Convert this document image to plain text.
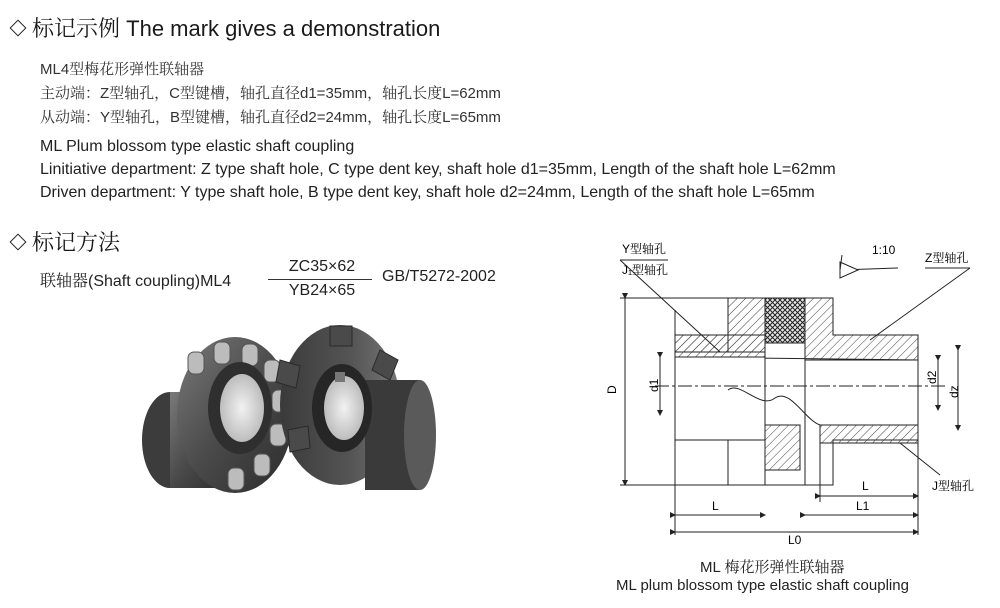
标记示例 The mark gives a demonstration
ML4型梅花形弹性联轴器
主动端：Z型轴孔，C型键槽，轴孔直径d1=35mm，轴孔长度L=62mm
从动端：Y型轴孔，B型键槽，轴孔直径d2=24mm，轴孔长度L=65mm
ML Plum blossom type elastic shaft coupling
Linitiative department: Z type shaft hole, C type dent key, shaft hole d1=35mm, Length of the shaft hole L=62mm
Driven department: Y type shaft hole, B type dent key, shaft hole d2=24mm, Length of the shaft hole L=65mm
标记方法
联轴器(Shaft coupling)ML4
ZC35×62
YB24×65
GB/T5272-2002
Y型轴孔
J₁型轴孔
1:10
Z型轴孔
J型轴孔
D d1
d2
dz
L
L
L1
L0
ML 梅花形弹性联轴器
ML plum blossom type elastic shaft coupling
